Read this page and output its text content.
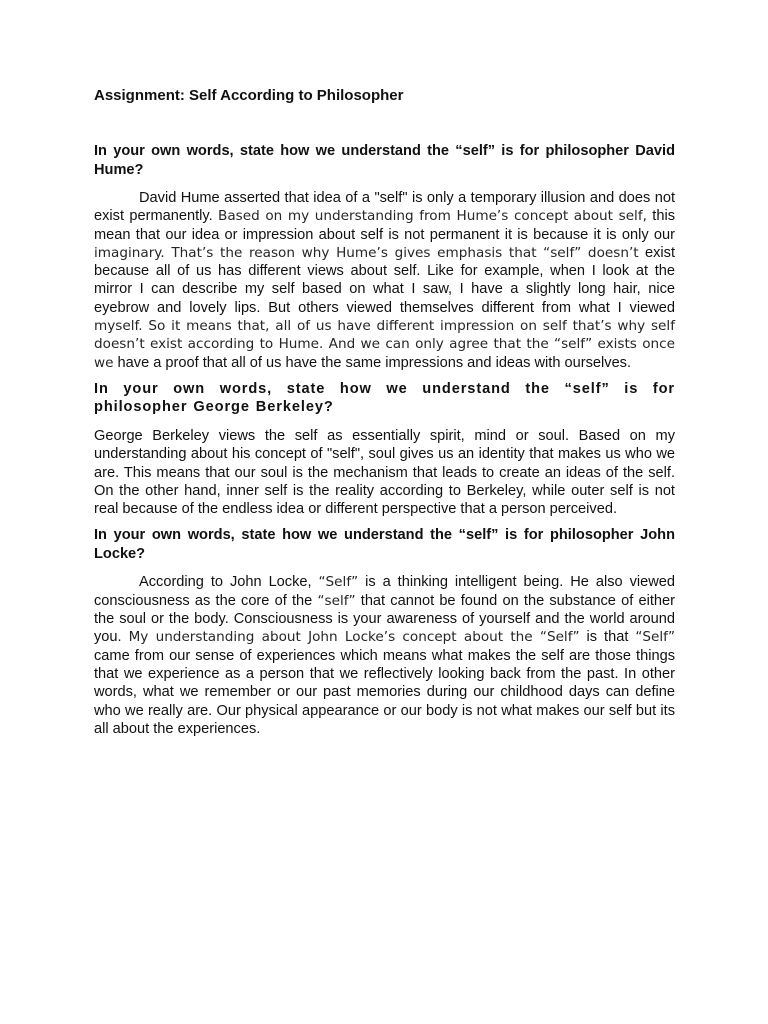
Assignment: Self According to Philosopher
In your own words, state how we understand the “self” is for philosopher David Hume?

David Hume asserted that idea of a "self" is only a temporary illusion and does not exist permanently. Based on my understanding from Hume’s concept about self, this mean that our idea or impression about self is not permanent it is because it is only our imaginary. That’s the reason why Hume’s gives emphasis that “self” doesn’t exist because all of us has different views about self. Like for example, when I look at the mirror I can describe my self based on what I saw, I have a slightly long hair, nice eyebrow and lovely lips. But others viewed themselves different from what I viewed myself. So it means that, all of us have different impression on self that’s why self doesn’t exist according to Hume. And we can only agree that the “self” exists once we have a proof that all of us have the same impressions and ideas with ourselves.

In your own words, state how we understand the “self” is for philosopher George Berkeley?

George Berkeley views the self as essentially spirit, mind or soul. Based on my understanding about his concept of "self", soul gives us an identity that makes us who we are. This means that our soul is the mechanism that leads to create an ideas of the self. On the other hand, inner self is the reality according to Berkeley, while outer self is not real because of the endless idea or different perspective that a person perceived.

In your own words, state how we understand the “self” is for philosopher John Locke?

According to John Locke, “Self” is a thinking intelligent being. He also viewed consciousness as the core of the “self” that cannot be found on the substance of either the soul or the body. Consciousness is your awareness of yourself and the world around you. My understanding about John Locke’s concept about the “Self” is that “Self” came from our sense of experiences which means what makes the self are those things that we experience as a person that we reflectively looking back from the past. In other words, what we remember or our past memories during our childhood days can define who we really are. Our physical appearance or our body is not what makes our self but its all about the experiences.
